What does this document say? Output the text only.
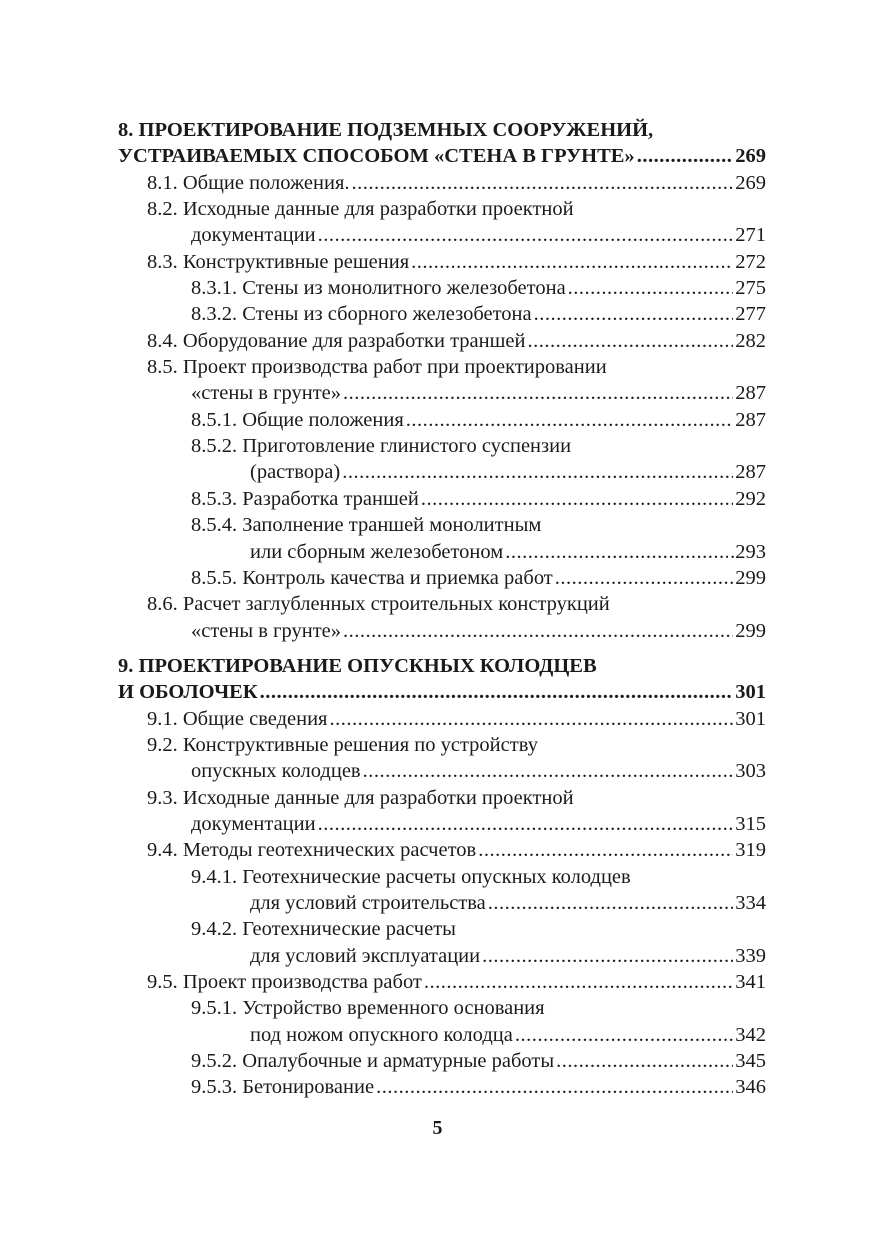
8. ПРОЕКТИРОВАНИЕ ПОДЗЕМНЫХ СООРУЖЕНИЙ,
УСТРАИВАЕМЫХ СПОСОБОМ «СТЕНА В ГРУНТЕ» .....	269
8.1. Общие положения. .....	269
8.2. Исходные данные для разработки проектной
документации .....	271
8.3. Конструктивные решения .....	272
8.3.1. Стены из монолитного железобетона .....	275
8.3.2. Стены из сборного железобетона .....	277
8.4. Оборудование для разработки траншей .....	282
8.5. Проект производства работ при проектировании
«стены в грунте» .....	287
8.5.1. Общие положения .....	287
8.5.2. Приготовление глинистого суспензии
(раствора) .....	287
8.5.3. Разработка траншей .....	292
8.5.4. Заполнение траншей монолитным
или сборным железобетоном .....	.293
8.5.5. Контроль качества и приемка работ .....	299
8.6. Расчет заглубленных строительных конструкций
«стены в грунте» .....	299
9. ПРОЕКТИРОВАНИЕ ОПУСКНЫХ КОЛОДЦЕВ
И ОБОЛОЧЕК .....	301
9.1. Общие сведения .....	301
9.2. Конструктивные решения по устройству
опускных колодцев .....	303
9.3. Исходные данные для разработки проектной
документации .....	315
9.4. Методы геотехнических расчетов .....	319
9.4.1. Геотехнические расчеты опускных колодцев
для условий строительства .....	334
9.4.2. Геотехнические расчеты
для условий эксплуатации .....	339
9.5. Проект производства работ .....	341
9.5.1. Устройство временного основания
под ножом опускного колодца .....	342
9.5.2. Опалубочные и арматурные работы .....	345
9.5.3. Бетонирование .....	346
5
